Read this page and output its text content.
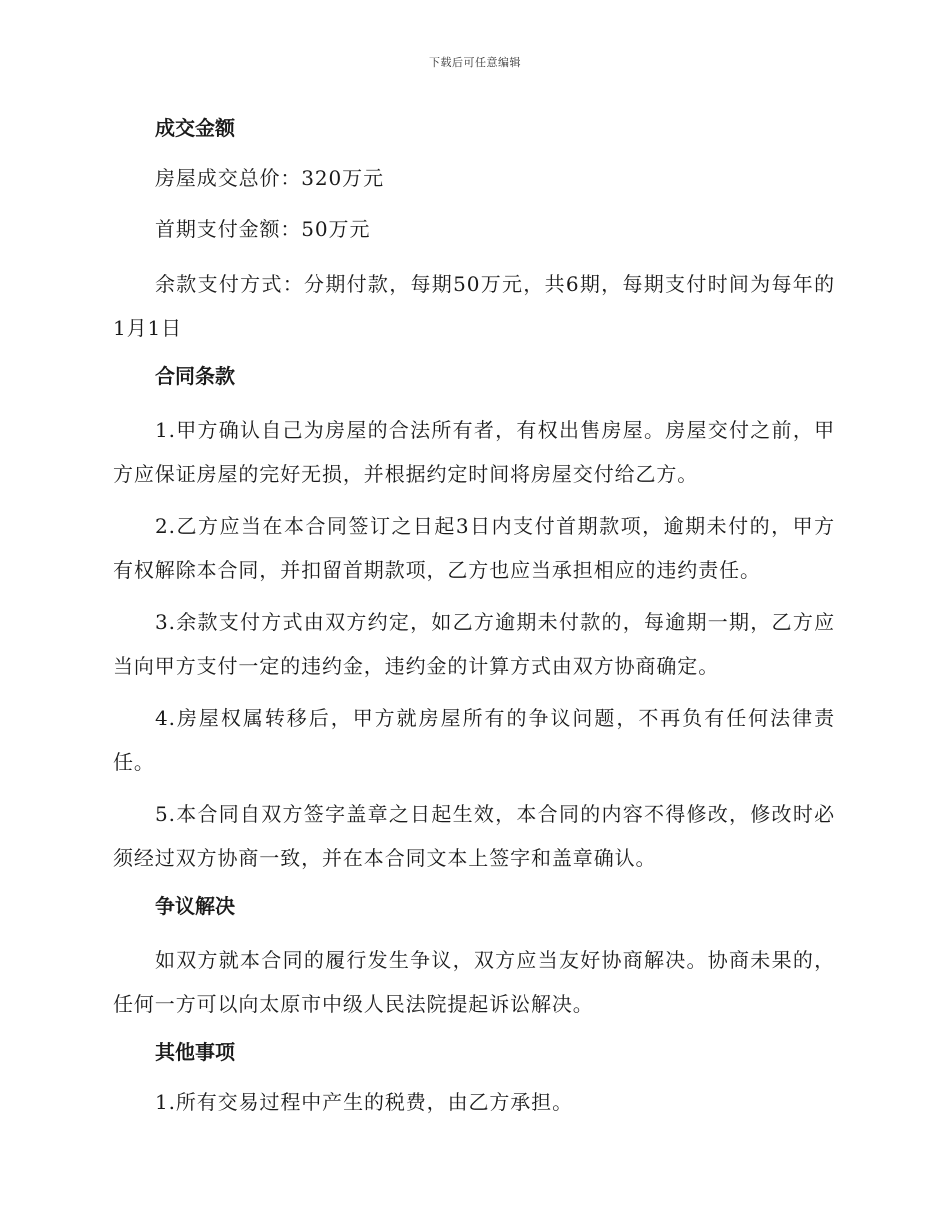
下载后可任意编辑
成交金额
房屋成交总价：320万元
首期支付金额：50万元

余款支付方式：分期付款，每期50万元，共6期，每期支付时间为每年的1月1日

合同条款

1.甲方确认自己为房屋的合法所有者，有权出售房屋。房屋交付之前，甲方应保证房屋的完好无损，并根据约定时间将房屋交付给乙方。

2.乙方应当在本合同签订之日起3日内支付首期款项，逾期未付的，甲方有权解除本合同，并扣留首期款项，乙方也应当承担相应的违约责任。

3.余款支付方式由双方约定，如乙方逾期未付款的，每逾期一期，乙方应当向甲方支付一定的违约金，违约金的计算方式由双方协商确定。

4.房屋权属转移后，甲方就房屋所有的争议问题，不再负有任何法律责任。

5.本合同自双方签字盖章之日起生效，本合同的内容不得修改，修改时必须经过双方协商一致，并在本合同文本上签字和盖章确认。

争议解决

如双方就本合同的履行发生争议，双方应当友好协商解决。协商未果的，任何一方可以向太原市中级人民法院提起诉讼解决。

其他事项
1.所有交易过程中产生的税费，由乙方承担。
